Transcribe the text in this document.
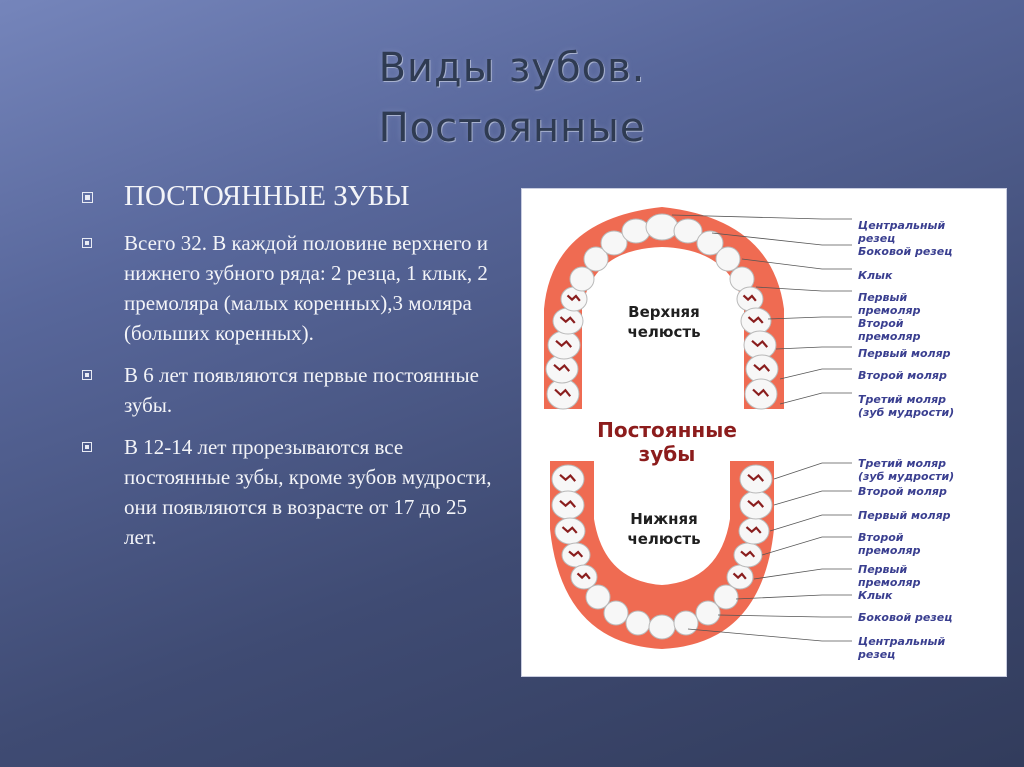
Виды зубов.
Постоянные
ПОСТОЯННЫЕ ЗУБЫ
Всего 32. В каждой половине верхнего и нижнего зубного ряда: 2 резца, 1 клык, 2 премоляра (малых коренных),3 моляра (больших коренных).
В 6 лет появляются первые постоянные зубы.
В 12-14 лет прорезываются все постоянные зубы, кроме зубов мудрости, они появляются в возрасте от 17 до 25 лет.
Верхняя
челюсть
Постоянные
зубы
Нижняя
челюсть
Центральный
резец
Боковой резец
Клык
Первый
премоляр
Второй
премоляр
Первый моляр
Второй моляр
Третий моляр
(зуб мудрости)
Третий моляр
(зуб мудрости)
Второй моляр
Первый моляр
Второй
премоляр
Первый
премоляр
Клык
Боковой резец
Центральный
резец
